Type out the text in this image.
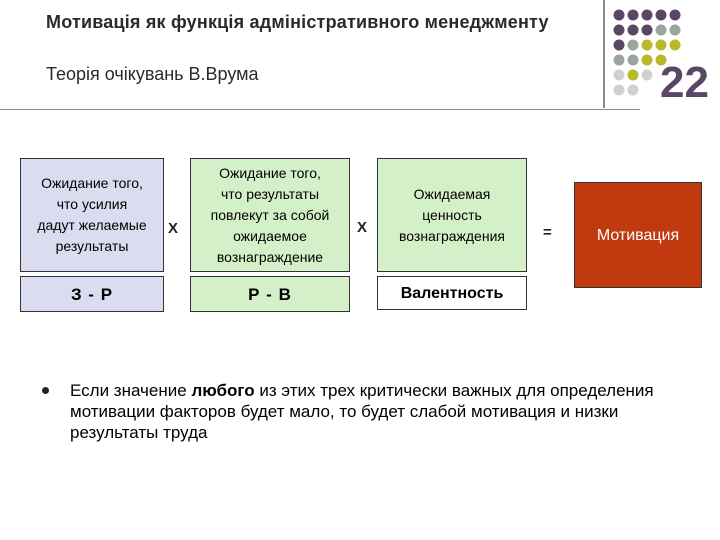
Мотивація як функція адміністративного менеджменту
Теорія очікувань В.Врума	22
Ожидание того,
что усилия
дадут желаемые
результаты
X
Ожидание того,
что результаты
повлекут за собой
ожидаемое
вознаграждение
X
Ожидаемая
ценность
вознаграждения	=	Мотивация
З - Р	Р - В	Валентность
Если значение любого из этих трех критически важных для определения мотивации факторов будет мало, то будет слабой мотивация и низки результаты труда
